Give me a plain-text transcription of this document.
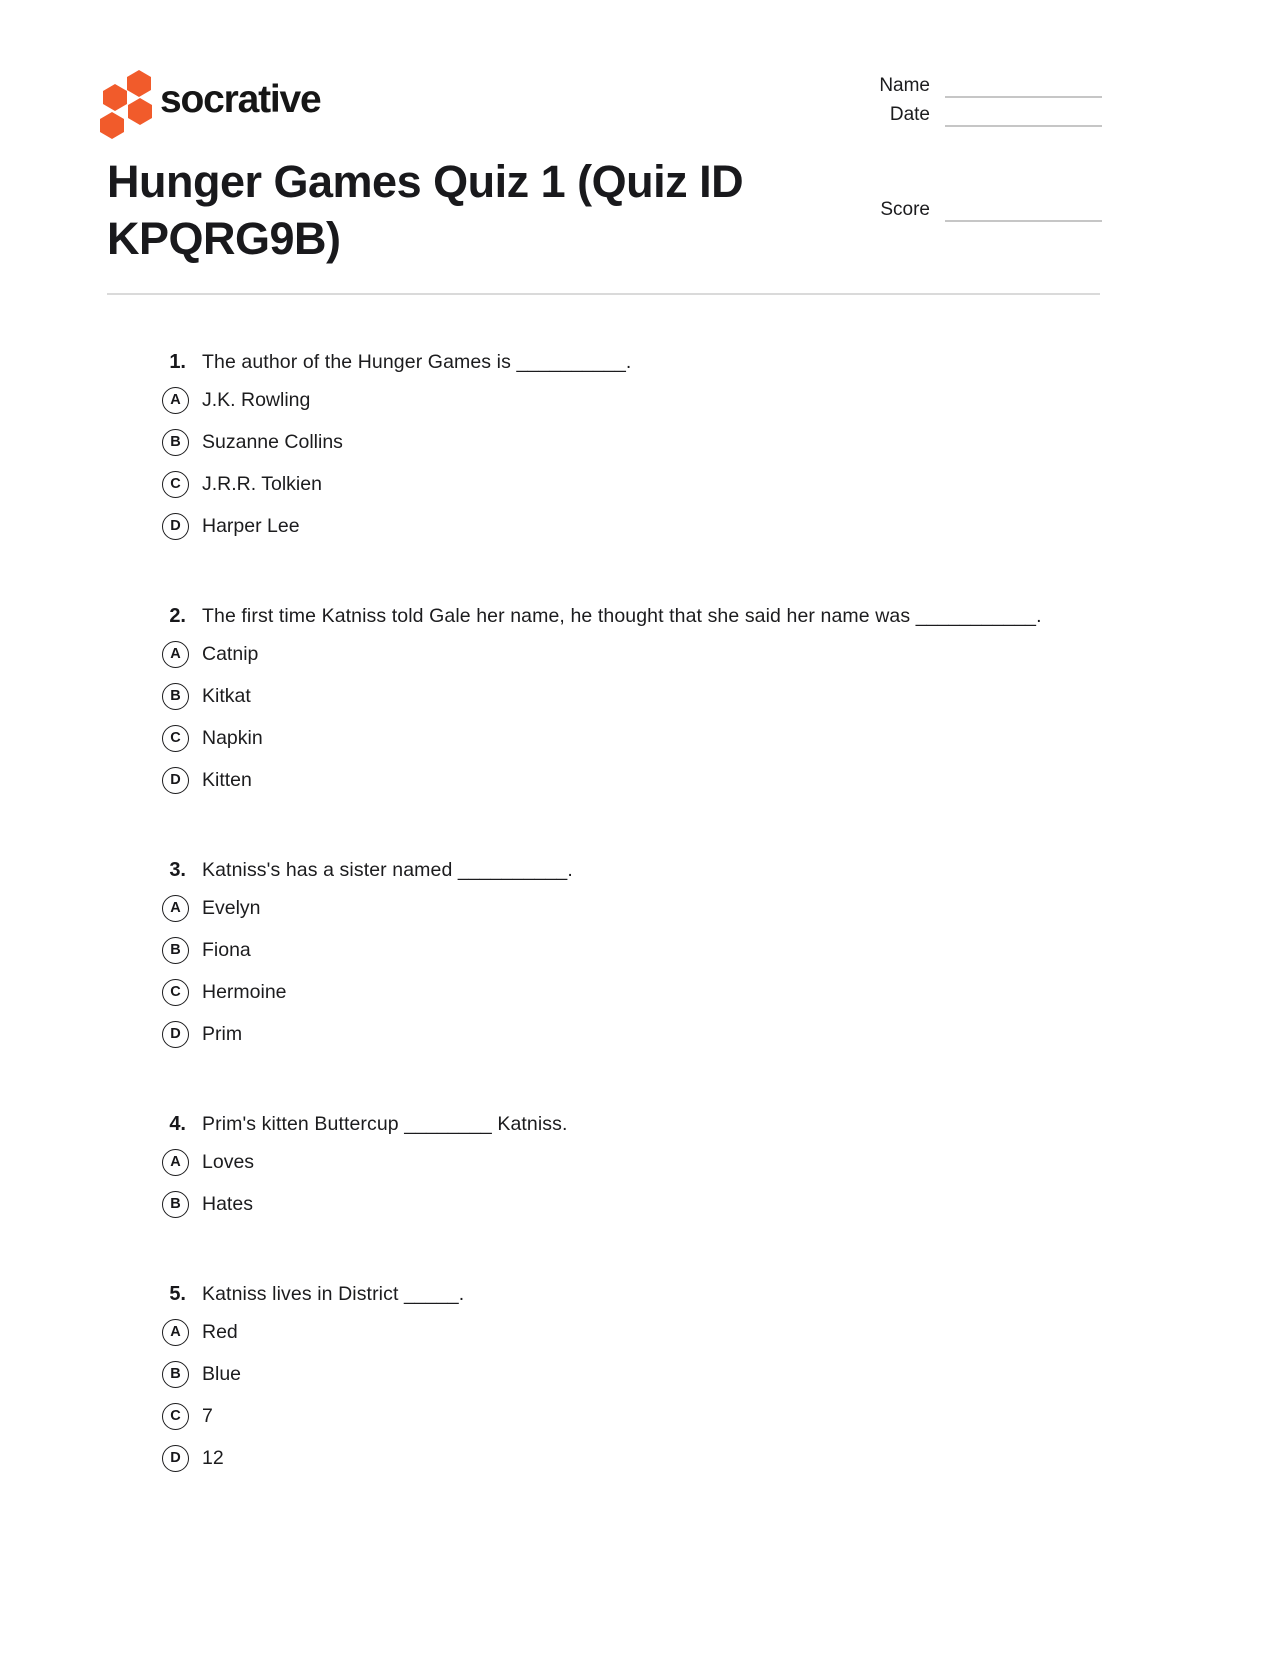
socrative	Name
Date
Score
Hunger Games Quiz 1 (Quiz ID
KPQRG9B)
1. The author of the Hunger Games is __________.
A J.K. Rowling
B Suzanne Collins
C J.R.R. Tolkien
D Harper Lee
2. The first time Katniss told Gale her name, he thought that she said her name was ___________.
A Catnip
B Kitkat
C Napkin
D Kitten
3. Katniss's has a sister named __________.
A Evelyn
B Fiona
C Hermoine
D Prim
4. Prim's kitten Buttercup ________ Katniss.
A Loves
B Hates
5. Katniss lives in District _____.
A Red
B Blue
C 7
D 12
